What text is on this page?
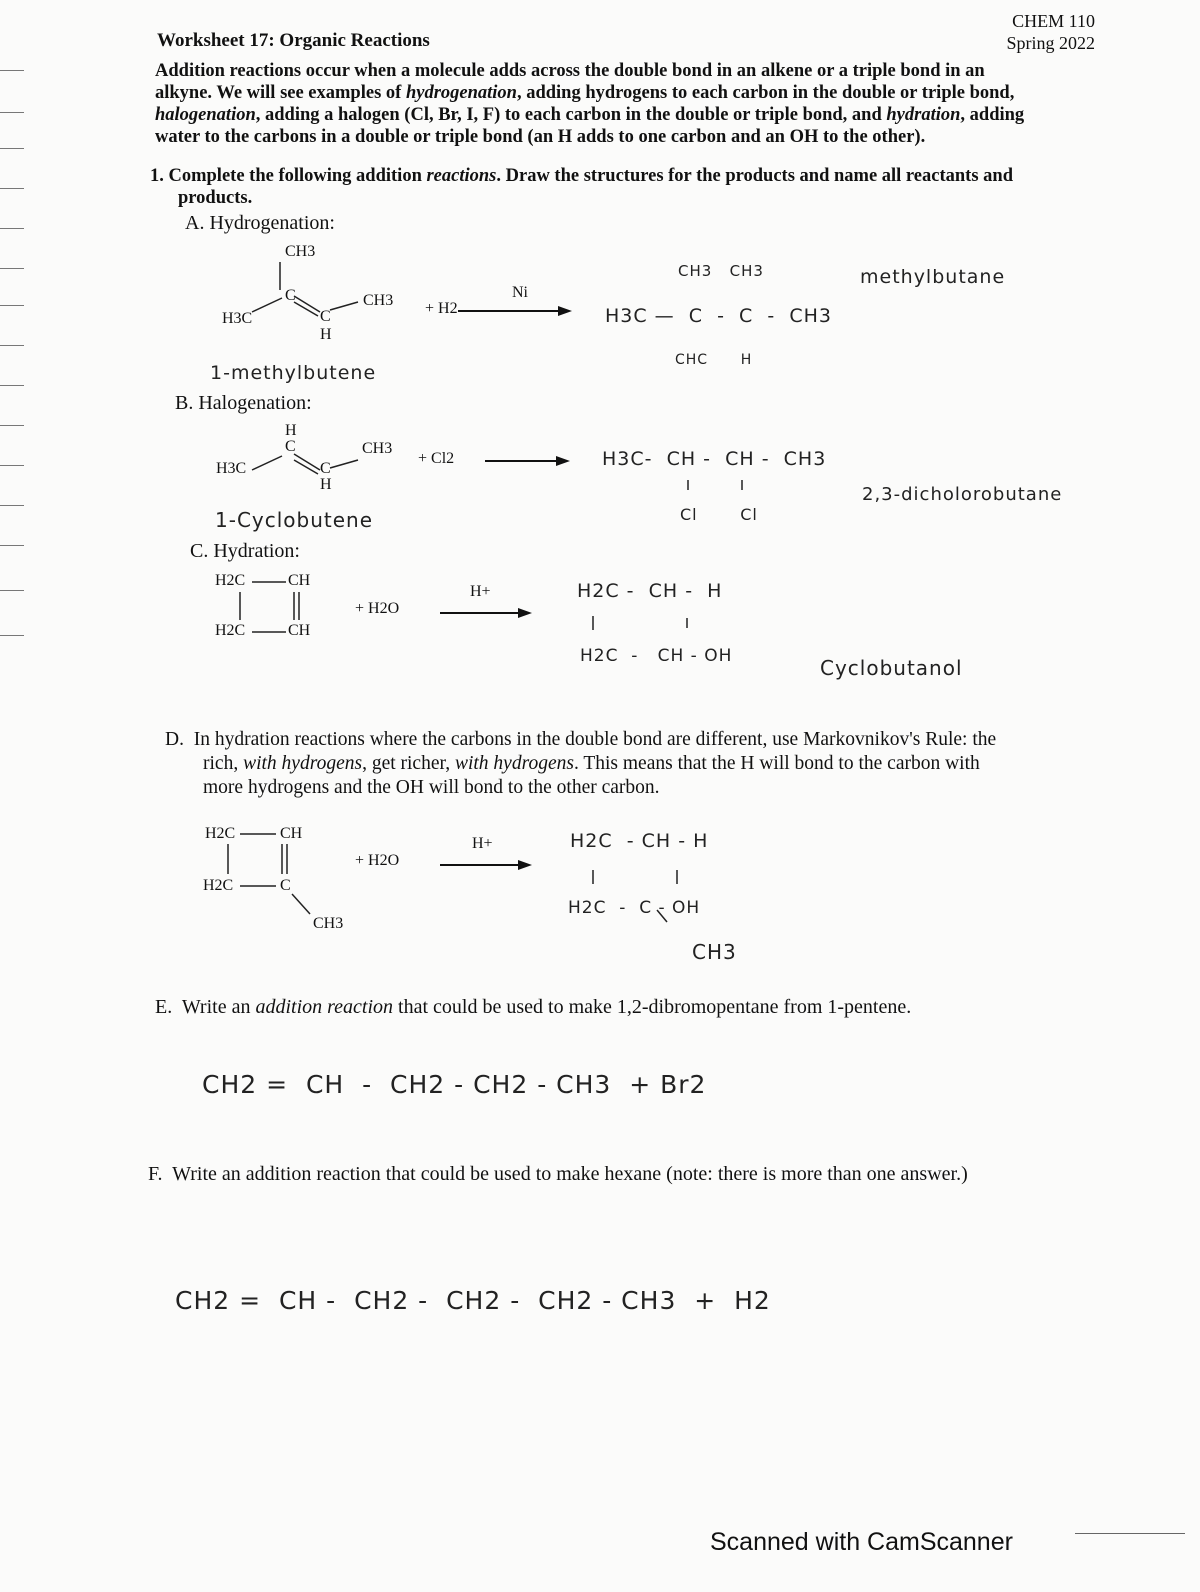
Worksheet 17: Organic Reactions
CHEM 110
Spring 2022
Addition reactions occur when a molecule adds across the double bond in an alkene or a triple bond in an
alkyne. We will see examples of hydrogenation, adding hydrogens to each carbon in the double or triple bond,
halogenation, adding a halogen (Cl, Br, I, F) to each carbon in the double or triple bond, and hydration, adding
water to the carbons in a double or triple bond (an H adds to one carbon and an OH to the other).
1. Complete the following addition reactions. Draw the structures for the products and name all reactants and
products.
A. Hydrogenation:
CH3
H3C
C
C
H
CH3 + H2
Ni
1-methylbutene
CH3   CH3
H3C —  C  -  C  -  CH3
CHC      H
methylbutane
B. Halogenation:
H
C
H3C	C
H
CH3
+ Cl2
1-Cyclobutene
H3C-  CH -  CH -  CH3
Cl       Cl
2,3-dicholorobutane
C. Hydration:
H2C	CH
H2C	CH
+ H2O
H+	H2C -  CH -  H
H2C  -   CH - OH	Cyclobutanol
D. In hydration reactions where the carbons in the double bond are different, use Markovnikov's Rule: the
rich, with hydrogens, get richer, with hydrogens. This means that the H will bond to the carbon with
more hydrogens and the OH will bond to the other carbon.
H2C	CH
H2C	C
CH3
+ H2O
H+	H2C  - CH - H
H2C  -  C - OH
CH3
E. Write an addition reaction that could be used to make 1,2-dibromopentane from 1-pentene.
CH2 =  CH  -  CH2 - CH2 - CH3  + Br2
F. Write an addition reaction that could be used to make hexane (note: there is more than one answer.)
CH2 =  CH -  CH2 -  CH2 -  CH2 - CH3  +  H2
Scanned with CamScanner
